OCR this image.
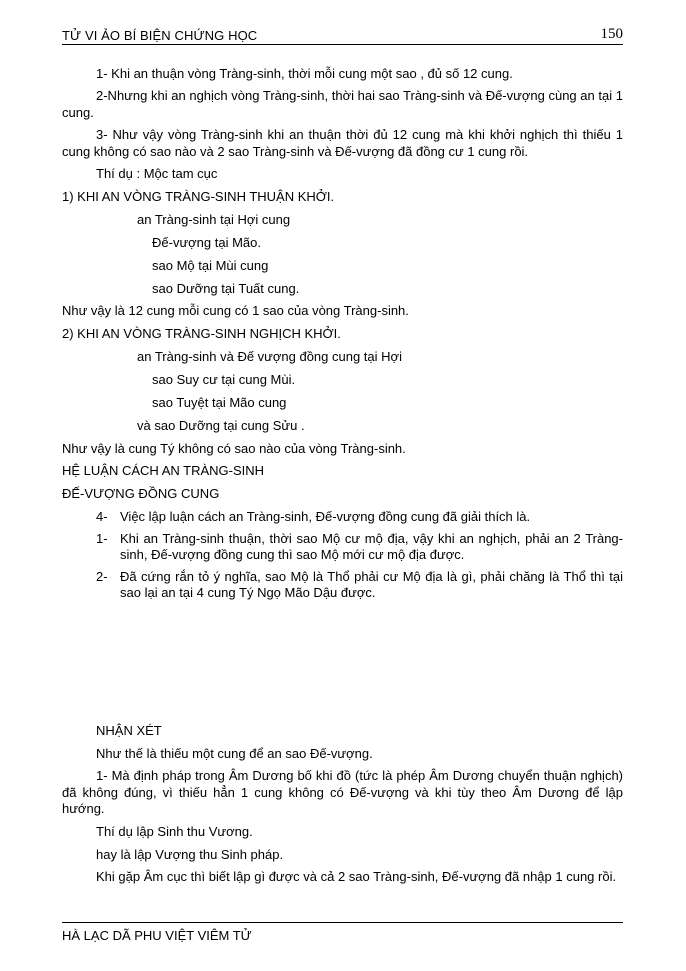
TỬ VI ẢO BÍ BIỆN CHỨNG HỌC	150
1- Khi an thuận vòng Tràng-sinh, thời mỗi cung một sao , đủ số 12 cung.
2-Nhưng khi an nghịch vòng Tràng-sinh, thời hai sao Tràng-sinh và Đế-vượng cùng an tại 1 cung.
3- Như vậy vòng Tràng-sinh khi an thuận thời đủ 12 cung mà khi khởi nghịch thì thiếu 1 cung không có sao nào và 2 sao Tràng-sinh và Đế-vượng đã đồng cư 1 cung rồi.
Thí dụ : Mộc tam cục
1) KHI AN VÒNG TRÀNG-SINH THUẬN KHỞI.
an Tràng-sinh tại Hợi cung
Đế-vượng tại Mão.
sao Mộ tại Mùi cung
sao Dưỡng tại Tuất cung.
Như vậy là 12 cung mỗi cung có 1 sao của vòng Tràng-sinh.
2) KHI AN VÒNG TRÀNG-SINH NGHỊCH KHỞI.
an Tràng-sinh và Đế vượng đồng cung tại Hợi
sao Suy cư tại cung Mùi.
sao Tuyệt tại Mão cung
và sao Dưỡng tại cung Sửu .
Như vậy là cung Tý không có sao nào của vòng Tràng-sinh.
HỆ LUẬN CÁCH AN TRÀNG-SINH
ĐẾ-VƯỢNG ĐỒNG CUNG
4- Việc lập luận cách an Tràng-sinh, Đế-vượng đồng cung đã giải thích là.
1- Khi an Tràng-sinh thuận, thời sao Mộ cư mộ địa, vậy khi an nghịch, phải an 2 Tràng-sinh, Đế-vượng đồng cung thì sao Mộ mới cư mộ địa được.
2- Đã cứng rắn tỏ ý nghĩa, sao Mộ là Thổ phải cư Mộ địa là gì, phải chăng là Thổ thì tại sao lại an tại 4 cung Tý Ngọ Mão Dậu được.
NHẬN XÉT
Như thế là thiếu một cung để an sao Đế-vượng.
1- Mà định pháp trong Âm Dương bố khi đồ (tức là phép Âm Dương chuyển thuận nghịch) đã không đúng, vì thiếu hẳn 1 cung không có Đế-vượng và khi tùy theo Âm Dương để lập hướng.
Thí dụ lập Sinh thu Vương.
hay là lập Vượng thu Sinh pháp.
Khi gặp Âm cục thì biết lập gì được và cả 2 sao Tràng-sinh, Đế-vượng đã nhập 1 cung rồi.
HÀ LẠC DÃ PHU VIỆT VIÊM TỬ
